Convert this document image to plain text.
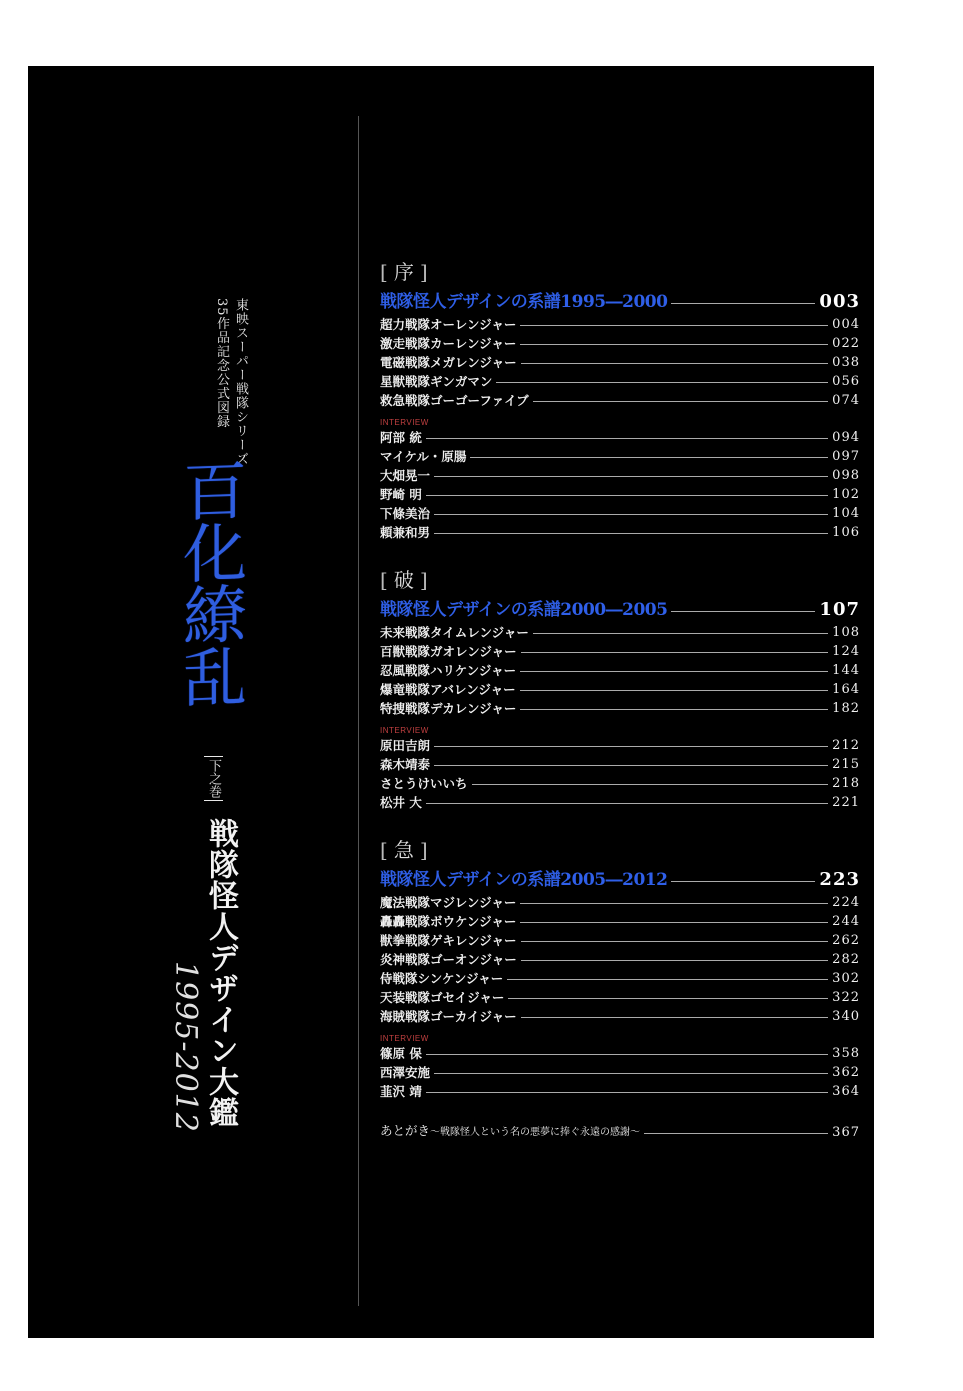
東映スーパー戦隊シリーズ
35作品記念公式図録
百化繚乱
下之巻
戦隊怪人デザイン大鑑
1995-2012
[序]
戦隊怪人デザインの系譜1995―2000	003
超力戦隊オーレンジャー	004
激走戦隊カーレンジャー	022
電磁戦隊メガレンジャー	038
星獣戦隊ギンガマン	056
救急戦隊ゴーゴーファイブ	074
INTERVIEW
阿部 統	094
マイケル・原腸	097
大畑晃一	098
野崎 明	102
下條美治	104
頼兼和男	106
[破]
戦隊怪人デザインの系譜2000―2005	107
未来戦隊タイムレンジャー	108
百獣戦隊ガオレンジャー	124
忍風戦隊ハリケンジャー	144
爆竜戦隊アバレンジャー	164
特捜戦隊デカレンジャー	182
INTERVIEW
原田吉朗	212
森木靖泰	215
さとうけいいち	218
松井 大	221
[急]
戦隊怪人デザインの系譜2005―2012	223
魔法戦隊マジレンジャー	224
轟轟戦隊ボウケンジャー	244
獣拳戦隊ゲキレンジャー	262
炎神戦隊ゴーオンジャー	282
侍戦隊シンケンジャー	302
天装戦隊ゴセイジャー	322
海賊戦隊ゴーカイジャー	340
INTERVIEW
篠原 保	358
西澤安施	362
韮沢 靖	364
あとがき～戦隊怪人という名の悪夢に捧ぐ永遠の感謝～	367
